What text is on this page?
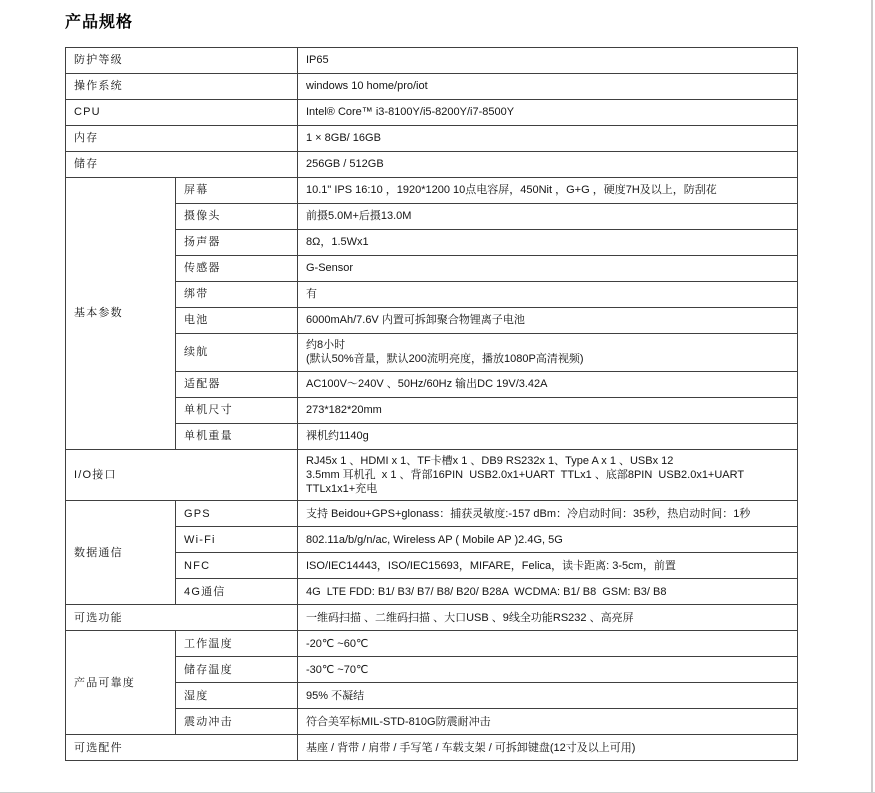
产品规格
防护等级		IP65

操作系统		windows 10 home/pro/iot

CPU		Intel® Core™ i3-8100Y/i5-8200Y/i7-8500Y

内存		1 × 8GB/ 16GB

储存		256GB / 512GB

基本参数	屏幕	10.1" IPS 16:10 ，1920*1200 10点电容屏，450Nit ，G+G ，硬度7H及以上，防刮花

	摄像头	前摄5.0M+后摄13.0M

	扬声器	8Ω，1.5Wx1

	传感器	G-Sensor

	绑带	有

	电池	6000mAh/7.6V 内置可拆卸聚合物锂离子电池

	续航	约8小时
(默认50%音量，默认200流明亮度，播放1080P高清视频)

	适配器	AC100V～240V 、50Hz/60Hz 输出DC 19V/3.42A

	单机尺寸	273*182*20mm

	单机重量	裸机约1140g

I/O接口		RJ45x 1 、HDMI x 1、TF卡槽x 1 、DB9 RS232x 1、Type A x 1 、USBx 12
3.5mm 耳机孔  x 1 、背部16PIN  USB2.0x1+UART  TTLx1 、底部8PIN  USB2.0x1+UART  TTLx1x1+充电

数据通信	GPS	支持 Beidou+GPS+glonass：捕获灵敏度:-157 dBm：冷启动时间：35秒，热启动时间：1秒

	Wi-Fi	802.11a/b/g/n/ac, Wireless AP ( Mobile AP )2.4G, 5G

	NFC	ISO/IEC14443，ISO/IEC15693，MIFARE，Felica，读卡距离: 3-5cm，前置

	4G通信	4G  LTE FDD: B1/ B3/ B7/ B8/ B20/ B28A  WCDMA: B1/ B8  GSM: B3/ B8

可选功能		一维码扫描 、二维码扫描 、大口USB 、9线全功能RS232 、高亮屏

产品可靠度	工作温度	-20℃ ~60℃

	储存温度	-30℃ ~70℃

	湿度	95% 不凝结

	震动冲击	符合美军标MIL-STD-810G防震耐冲击

可选配件		基座 / 背带 / 肩带 / 手写笔 / 车载支架 / 可拆卸键盘(12寸及以上可用)
